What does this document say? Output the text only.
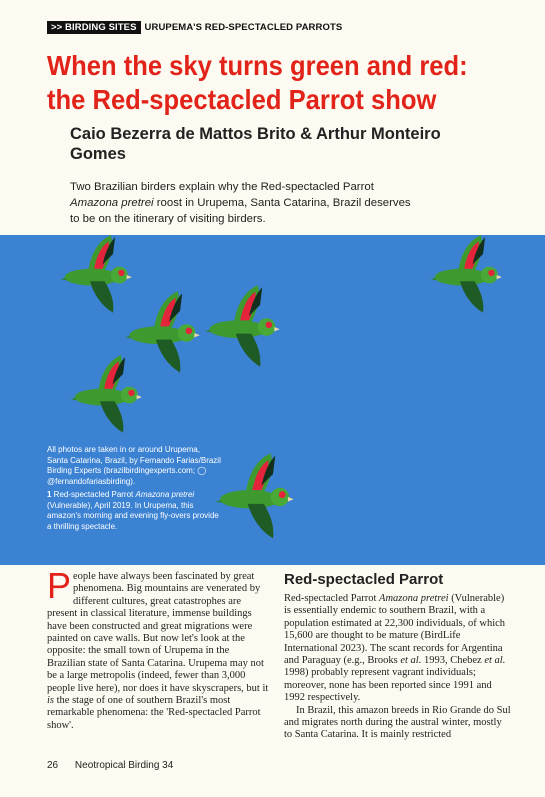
>> BIRDING SITES URUPEMA'S RED-SPECTACLED PARROTS
When the sky turns green and red:
the Red-spectacled Parrot show
Caio Bezerra de Mattos Brito & Arthur Monteiro Gomes

Two Brazilian birders explain why the Red-spectacled Parrot Amazona pretrei roost in Urupema, Santa Catarina, Brazil deserves to be on the itinerary of visiting birders.

All photos are taken in or around Urupema, Santa Catarina, Brazil, by Fernando Farias/Brazil Birding Experts (brazilbirdingexperts.com; ◯ @fernandofariasbirding).

1 Red-spectacled Parrot Amazona pretrei (Vulnerable), April 2019. In Urupema, this amazon's morning and evening fly-overs provide a thrilling spectacle.

People have always been fascinated by great phenomena. Big mountains are venerated by different cultures, great catastrophes are present in classical literature, immense buildings have been constructed and great migrations were painted on cave walls. But now let's look at the opposite: the small town of Urupema in the Brazilian state of Santa Catarina. Urupema may not be a large metropolis (indeed, fewer than 3,000 people live here), nor does it have skyscrapers, but it is the stage of one of southern Brazil's most remarkable phenomena: the 'Red-spectacled Parrot show'.
Red-spectacled Parrot

Red-spectacled Parrot Amazona pretrei (Vulnerable) is essentially endemic to southern Brazil, with a population estimated at 22,300 individuals, of which 15,600 are thought to be mature (BirdLife International 2023). The scant records for Argentina and Paraguay (e.g., Brooks et al. 1993, Chebez et al. 1998) probably represent vagrant individuals; moreover, none has been reported since 1991 and 1992 respectively.

In Brazil, this amazon breeds in Rio Grande do Sul and migrates north during the austral winter, mostly to Santa Catarina. It is mainly restricted

26 Neotropical Birding 34
